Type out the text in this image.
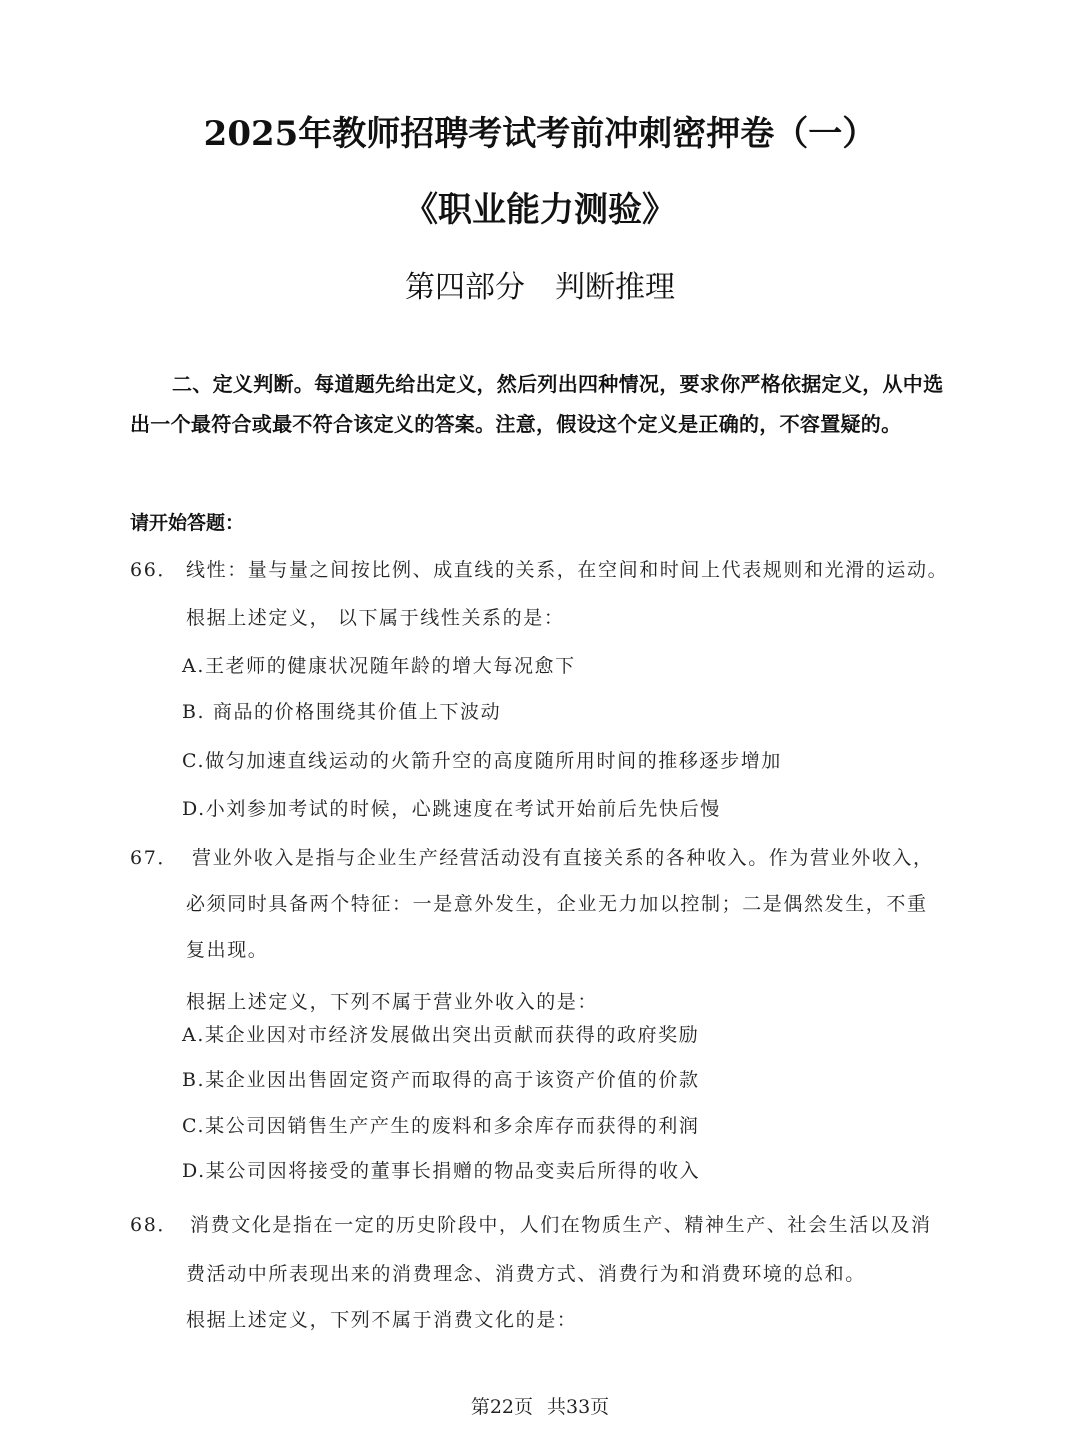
2025年教师招聘考试考前冲刺密押卷（一）
《职业能力测验》
第四部分 判断推理
二、定义判断。每道题先给出定义，然后列出四种情况，要求你严格依据定义，从中选出一个最符合或最不符合该定义的答案。注意，假设这个定义是正确的，不容置疑的。
请开始答题：
66． 线性：量与量之间按比例、成直线的关系，在空间和时间上代表规则和光滑的运动。
根据上述定义， 以下属于线性关系的是：
A.王老师的健康状况随年龄的增大每况愈下
B. 商品的价格围绕其价值上下波动
C.做匀加速直线运动的火箭升空的高度随所用时间的推移逐步增加
D.小刘参加考试的时候，心跳速度在考试开始前后先快后慢
67． 营业外收入是指与企业生产经营活动没有直接关系的各种收入。作为营业外收入，
必须同时具备两个特征：一是意外发生，企业无力加以控制；二是偶然发生，不重
复出现。
根据上述定义，下列不属于营业外收入的是：
A.某企业因对市经济发展做出突出贡献而获得的政府奖励
B.某企业因出售固定资产而取得的高于该资产价值的价款
C.某公司因销售生产产生的废料和多余库存而获得的利润
D.某公司因将接受的董事长捐赠的物品变卖后所得的收入
68． 消费文化是指在一定的历史阶段中，人们在物质生产、精神生产、社会生活以及消
费活动中所表现出来的消费理念、消费方式、消费行为和消费环境的总和。
根据上述定义，下列不属于消费文化的是：
第22页 共33页
